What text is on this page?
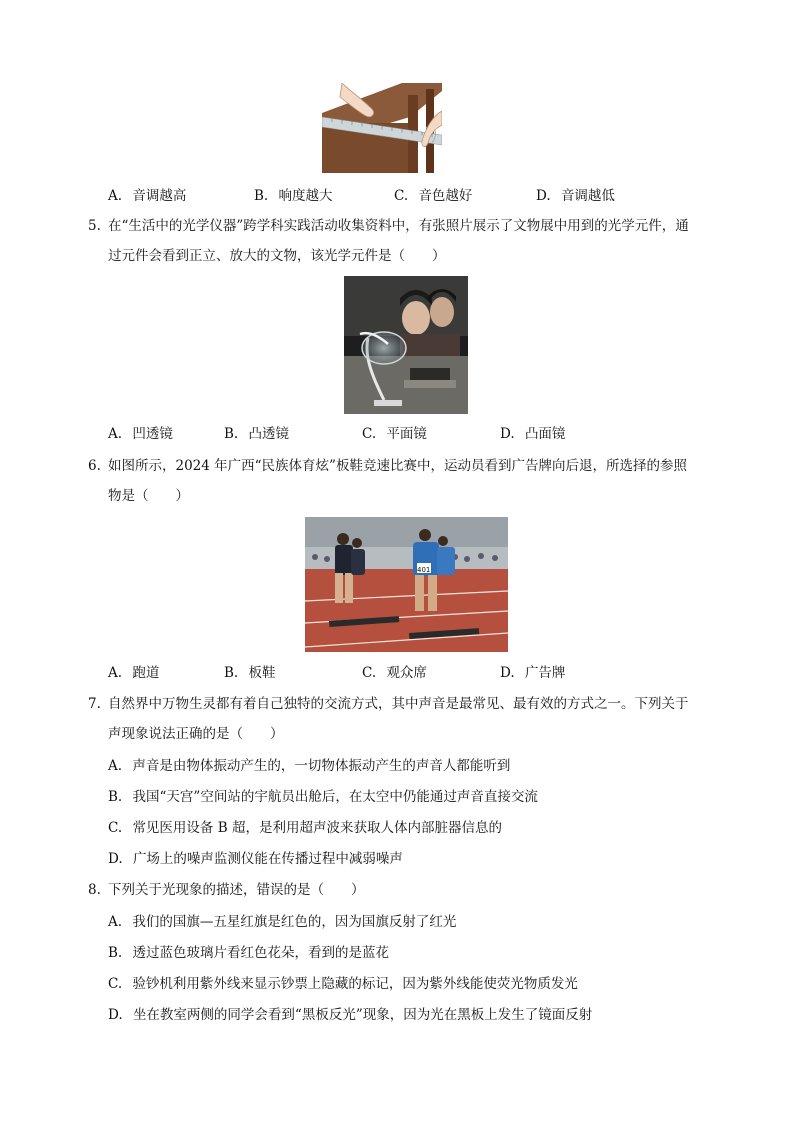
A. 音调越高	B. 响度越大	C. 音色越好	D. 音调越低
5. 在“生活中的光学仪器”跨学科实践活动收集资料中，有张照片展示了文物展中用到的光学元件，通
过元件会看到正立、放大的文物，该光学元件是（　　）
A. 凹透镜	B. 凸透镜	C. 平面镜	D. 凸面镜
6. 如图所示，2024 年广西“民族体育炫”板鞋竞速比赛中，运动员看到广告牌向后退，所选择的参照
物是（　　）
401
A. 跑道	B. 板鞋	C. 观众席	D. 广告牌
7. 自然界中万物生灵都有着自己独特的交流方式，其中声音是最常见、最有效的方式之一。下列关于
声现象说法正确的是（　　）
A. 声音是由物体振动产生的，一切物体振动产生的声音人都能听到
B. 我国“天宫”空间站的宇航员出舱后，在太空中仍能通过声音直接交流
C. 常见医用设备 B 超，是利用超声波来获取人体内部脏器信息的
D. 广场上的噪声监测仪能在传播过程中减弱噪声
8. 下列关于光现象的描述，错误的是（　　）
A. 我们的国旗—五星红旗是红色的，因为国旗反射了红光
B. 透过蓝色玻璃片看红色花朵，看到的是蓝花
C. 验钞机利用紫外线来显示钞票上隐藏的标记，因为紫外线能使荧光物质发光
D. 坐在教室两侧的同学会看到“黑板反光”现象，因为光在黑板上发生了镜面反射
